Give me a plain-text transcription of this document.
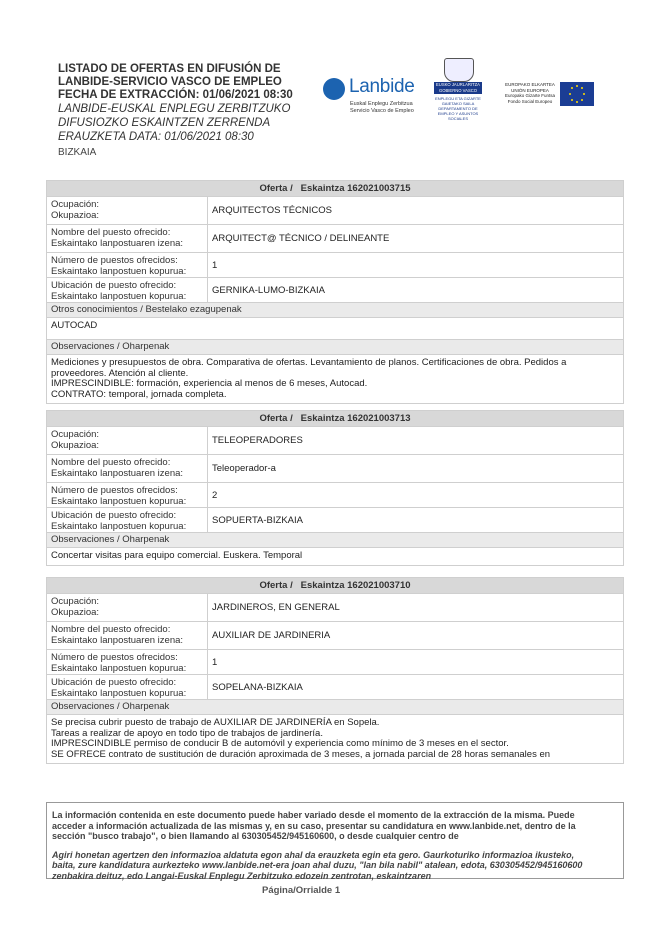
LISTADO DE OFERTAS EN DIFUSIÓN DE
LANBIDE-SERVICIO VASCO DE EMPLEO
FECHA DE EXTRACCIÓN: 01/06/2021 08:30
LANBIDE-EUSKAL ENPLEGU ZERBITZUKO
DIFUSIOZKO ESKAINTZEN ZERRENDA
ERAUZKETA DATA: 01/06/2021 08:30
BIZKAIA
Lanbide
Euskal Enplegu Zerbitzua
Servicio Vasco de Empleo
EUSKO JAURLARITZA GOBIERNO VASCO
ENPLEGU ETA GIZARTE GAIETAKO SAILA DEPARTAMENTO DE EMPLEO Y ASUNTOS SOCIALES
EUROPAKO ELKARTEA UNIÓN EUROPEA Europako Gizarte Funtsa Fondo Social Europeo
Oferta / Eskaintza 162021003715
Ocupación:
Okupazioa:	ARQUITECTOS TÉCNICOS
Nombre del puesto ofrecido:
Eskaintako lanpostuaren izena:	ARQUITECT@ TÉCNICO / DELINEANTE
Número de puestos ofrecidos:
Eskaintako lanpostuen kopurua:
1
Ubicación de puesto ofrecido:
Eskaintako lanpostuen kopurua:
GERNIKA-LUMO-BIZKAIA
Otros conocimientos / Bestelako ezagupenak
AUTOCAD
Observaciones / Oharpenak
Mediciones y presupuestos de obra. Comparativa de ofertas. Levantamiento de planos. Certificaciones de obra. Pedidos a
proveedores. Atención al cliente.
IMPRESCINDIBLE: formación, experiencia al menos de 6 meses, Autocad.
CONTRATO: temporal, jornada completa.
Oferta / Eskaintza 162021003713
Ocupación:
Okupazioa:	TELEOPERADORES
Nombre del puesto ofrecido:
Eskaintako lanpostuaren izena:	Teleoperador-a
Número de puestos ofrecidos:
Eskaintako lanpostuen kopurua:
2
Ubicación de puesto ofrecido:
Eskaintako lanpostuen kopurua:
SOPUERTA-BIZKAIA
Observaciones / Oharpenak
Concertar visitas para equipo comercial. Euskera. Temporal
Oferta / Eskaintza 162021003710
Ocupación:
Okupazioa:	JARDINEROS, EN GENERAL
Nombre del puesto ofrecido:
Eskaintako lanpostuaren izena:	AUXILIAR DE JARDINERIA
Número de puestos ofrecidos:
Eskaintako lanpostuen kopurua:
1
Ubicación de puesto ofrecido:
Eskaintako lanpostuen kopurua:
SOPELANA-BIZKAIA
Observaciones / Oharpenak
Se precisa cubrir puesto de trabajo de AUXILIAR DE JARDINERÍA en Sopela.
Tareas a realizar de apoyo en todo tipo de trabajos de jardinería.
IMPRESCINDIBLE permiso de conducir B de automóvil y experiencia como mínimo de 3 meses en el sector.
SE OFRECE contrato de sustitución de duración aproximada de 3 meses, a jornada parcial de 28 horas semanales en

La información contenida en este documento puede haber variado desde el momento de la extracción de la misma. Puede
acceder a información actualizada de las mismas y, en su caso, presentar su candidatura en www.lanbide.net, dentro de la
sección "busco trabajo", o bien llamando al 630305452/945160600, o desde cualquier centro de

Agiri honetan agertzen den informazioa aldatuta egon ahal da erauzketa egin eta gero. Gaurkoturiko informazioa ikusteko,
baita, zure kandidatura aurkezteko www.lanbide.net-era joan ahal duzu, "lan bila nabil" atalean, edota, 630305452/945160600
zenbakira deituz, edo Langai-Euskal Enplegu Zerbitzuko edozein zentrotan, eskaintzaren

Página/Orrialde 1
